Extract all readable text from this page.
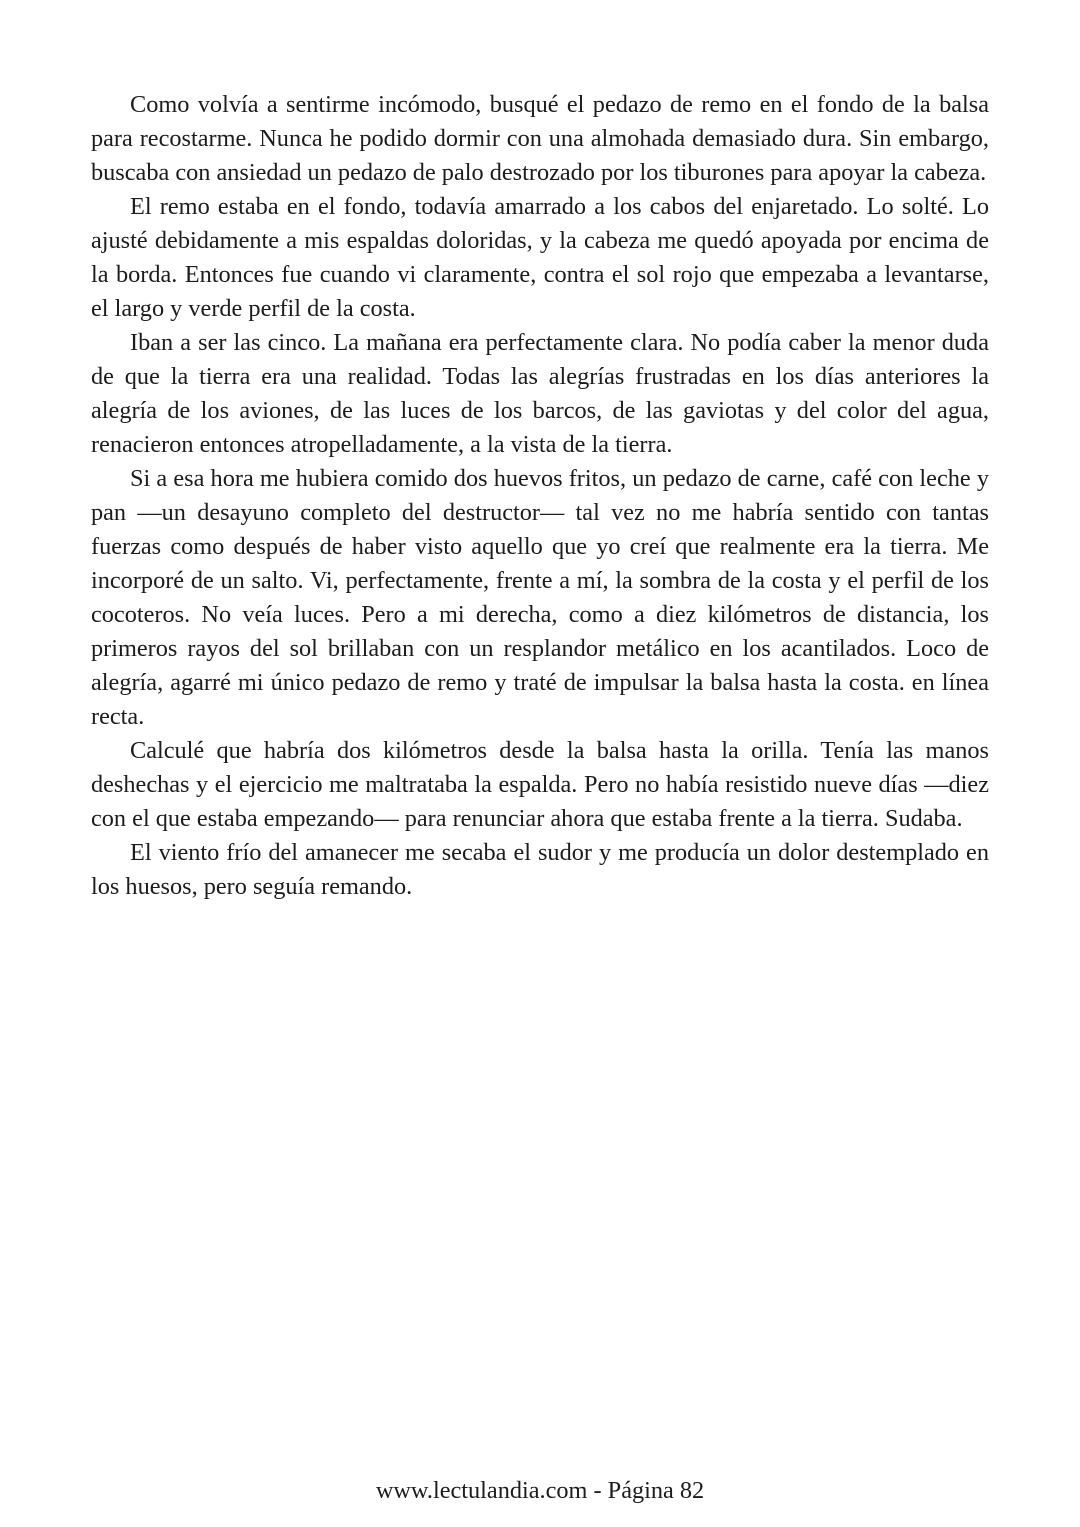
Como volvía a sentirme incómodo, busqué el pedazo de remo en el fondo de la balsa para recostarme. Nunca he podido dormir con una almohada demasiado dura. Sin embargo, buscaba con ansiedad un pedazo de palo destrozado por los tiburones para apoyar la cabeza.

El remo estaba en el fondo, todavía amarrado a los cabos del enjaretado. Lo solté. Lo ajusté debidamente a mis espaldas doloridas, y la cabeza me quedó apoyada por encima de la borda. Entonces fue cuando vi claramente, contra el sol rojo que empezaba a levantarse, el largo y verde perfil de la costa.

Iban a ser las cinco. La mañana era perfectamente clara. No podía caber la menor duda de que la tierra era una realidad. Todas las alegrías frustradas en los días anteriores la alegría de los aviones, de las luces de los barcos, de las gaviotas y del color del agua, renacieron entonces atropelladamente, a la vista de la tierra.

Si a esa hora me hubiera comido dos huevos fritos, un pedazo de carne, café con leche y pan —un desayuno completo del destructor— tal vez no me habría sentido con tantas fuerzas como después de haber visto aquello que yo creí que realmente era la tierra. Me incorporé de un salto. Vi, perfectamente, frente a mí, la sombra de la costa y el perfil de los cocoteros. No veía luces. Pero a mi derecha, como a diez kilómetros de distancia, los primeros rayos del sol brillaban con un resplandor metálico en los acantilados. Loco de alegría, agarré mi único pedazo de remo y traté de impulsar la balsa hasta la costa. en línea recta.

Calculé que habría dos kilómetros desde la balsa hasta la orilla. Tenía las manos deshechas y el ejercicio me maltrataba la espalda. Pero no había resistido nueve días —diez con el que estaba empezando— para renunciar ahora que estaba frente a la tierra. Sudaba.

El viento frío del amanecer me secaba el sudor y me producía un dolor destemplado en los huesos, pero seguía remando.

www.lectulandia.com - Página 82
